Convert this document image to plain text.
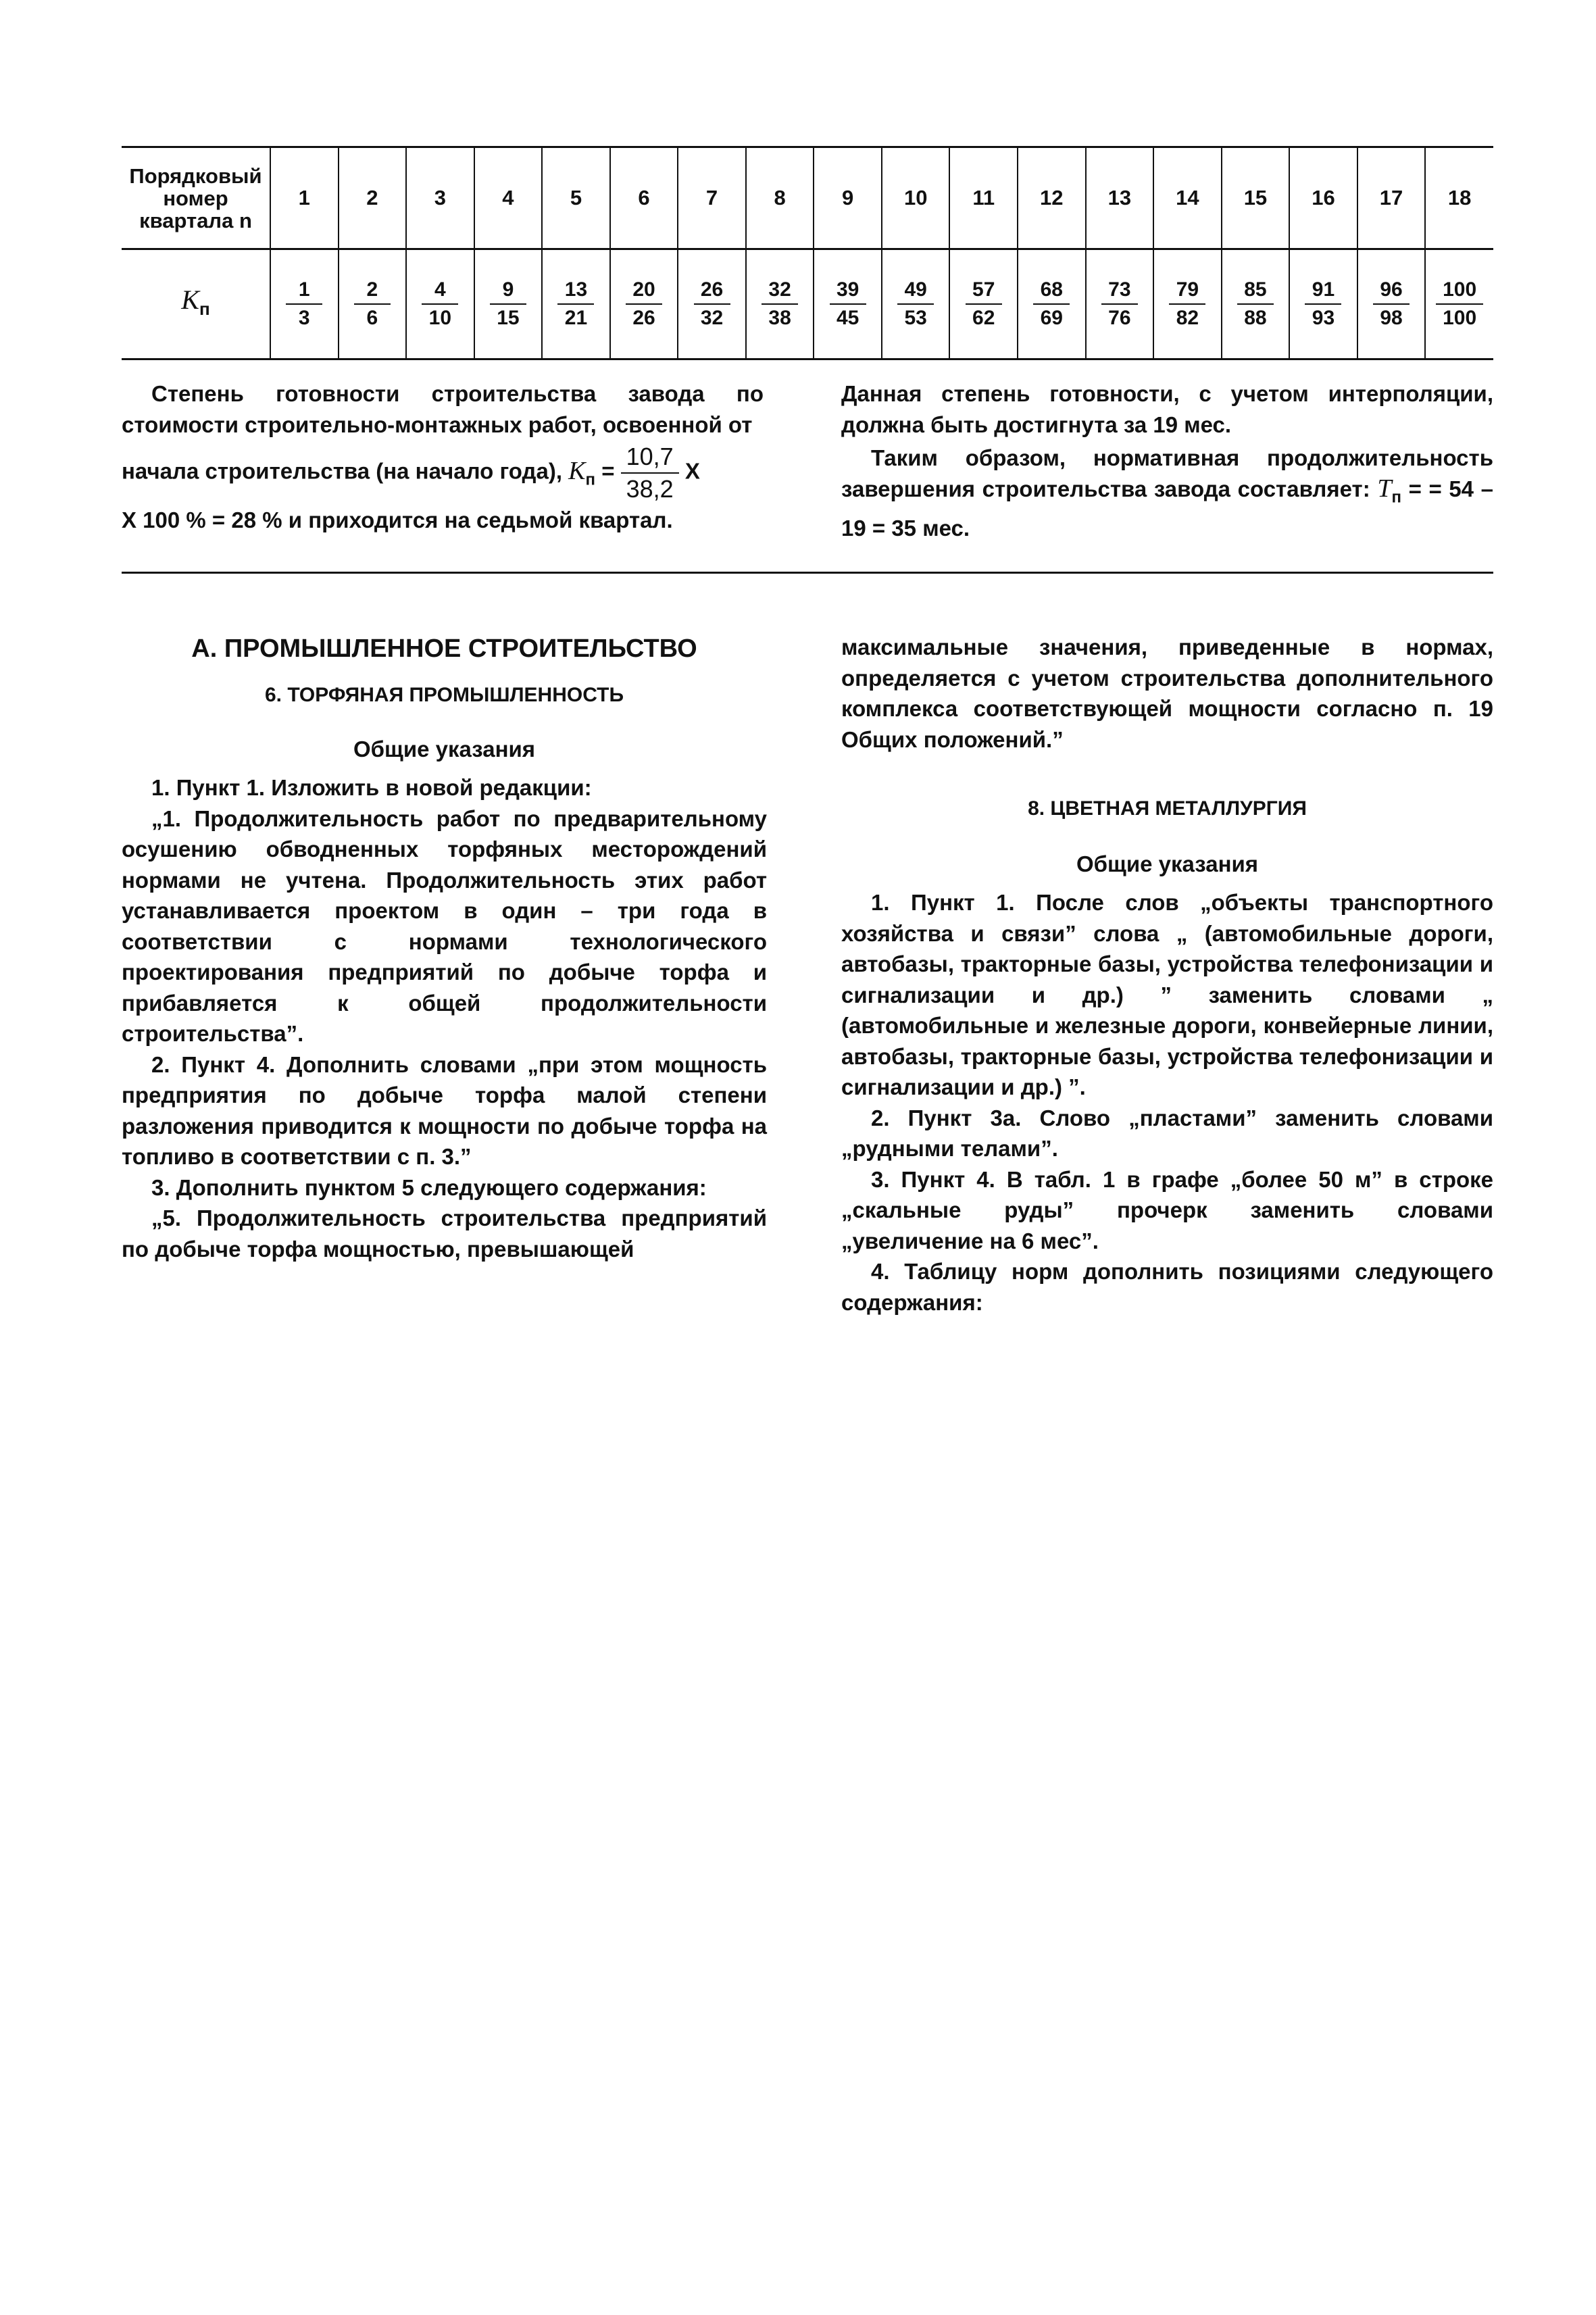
Порядковый номер квартала n	1	2	3	4	5	6	7	8	9	10	11	12	13	14	15	16	17	18
$K_п$	$\frac{1}{3}$	$\frac{2}{6}$	$\frac{4}{10}$	$\frac{9}{15}$	$\frac{13}{21}$	$\frac{20}{26}$	$\frac{26}{32}$	$\frac{32}{38}$	$\frac{39}{45}$	$\frac{49}{53}$	$\frac{57}{62}$	$\frac{68}{69}$	$\frac{73}{76}$	$\frac{79}{82}$	$\frac{85}{88}$	$\frac{91}{93}$	$\frac{96}{98}$	$\frac{100}{100}$

Степень готовности строительства завода по стоимости строительно-монтажных работ, освоенной от

начала строительства (на начало года), $K_п = \frac{10,7}{38,2}$ X

X 100 % = 28 % и приходится на седьмой квартал.

Данная степень готовности, с учетом интерполяции, должна быть достигнута за 19 мес.

Таким образом, нормативная продолжительность завершения строительства завода составляет: $T_п$ = = 54 – 19 = 35 мес.

А. ПРОМЫШЛЕННОЕ СТРОИТЕЛЬСТВО

6. ТОРФЯНАЯ ПРОМЫШЛЕННОСТЬ

Общие указания

1. Пункт 1. Изложить в новой редакции:

„1. Продолжительность работ по предварительному осушению обводненных торфяных месторождений нормами не учтена. Продолжительность этих работ устанавливается проектом в один – три года в соответствии с нормами технологического проектирования предприятий по добыче торфа и прибавляется к общей продолжительности строительства”.

2. Пункт 4. Дополнить словами „при этом мощность предприятия по добыче торфа малой степени разложения приводится к мощности по добыче торфа на топливо в соответствии с п. 3.”

3. Дополнить пунктом 5 следующего содержания:

„5. Продолжительность строительства предприятий по добыче торфа мощностью, превышающей

максимальные значения, приведенные в нормах, определяется с учетом строительства дополнительного комплекса соответствующей мощности согласно п. 19 Общих положений.”

8. ЦВЕТНАЯ МЕТАЛЛУРГИЯ

Общие указания

1. Пункт 1. После слов „объекты транспортного хозяйства и связи” слова „ (автомобильные дороги, автобазы, тракторные базы, устройства телефонизации и сигнализации и др.) ” заменить словами „ (автомобильные и железные дороги, конвейерные линии, автобазы, тракторные базы, устройства телефонизации и сигнализации и др.) ”.

2. Пункт 3а. Слово „пластами” заменить словами „рудными телами”.

3. Пункт 4. В табл. 1 в графе „более 50 м” в строке „скальные руды” прочерк заменить словами „увеличение на 6 мес”.

4. Таблицу норм дополнить позициями следующего содержания:
